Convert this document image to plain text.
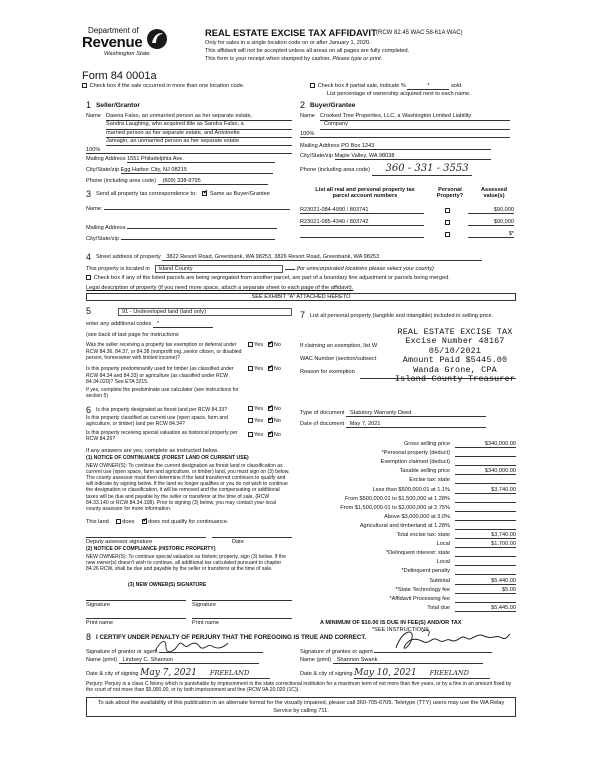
Department of
Revenue
Washington State
Form 84 0001a
REAL ESTATE EXCISE TAX AFFIDAVIT (RCW 82.45 WAC 58-61A WAC)
Only for sales in a single location code on or after January 1, 2020.
This affidavit will not be accepted unless all areas on all pages are fully completed.
This form is your receipt when stamped by cashier. Please type or print.
Check box if the sale occurred in more than one location code.	Check box if partial sale, indicate %	*	sold.
List percentage of ownership acquired next to each name.
1 Seller/Grantor
Name Dawna Falso, an unmarried person as her separate estate,
Sandra Laughing, who acquired title as Sandra Falso, a
married person as her separate estate, and Antoinette
Jamagin, an unmarried person as her separate estate
100%
Mailing Address 1551 Philadelphia Ave.
City/State/zip Egg Harbor City, NJ 08215
Phone (including area code) (609) 338-9795
2 Buyer/Grantee
Name Crooked Tree Properties, LLC, a Washington Limited Liability
Company
100%
Mailing Address PO Box 1243
City/State/zip Maple Valley, WA 98038
Phone (including area code) 360 - 331 - 3553
3 Send all property tax correspondence to: ✓ Same as Buyer/Grantee
Name:
Mailing Address
City/State/zip
List all real and personal property tax
parcel account numbers
Personal
Property?
Assessed
value(s)
R23021-084-4990 / 803741	$90,000
R23021-085-4340 / 803742	$90,000
$*
4 Street address of property 3822 Resort Road, Greenbank, WA 98253, 3826 Resort Road, Greenbank, WA 98253
This property is located in Island County	(for unincorporated locations please select your county)
Check box if any of the listed parcels are being segregated from another parcel, are part of a boundary line adjustment or parcels being merged.
Legal description of property (if you need more space, attach a separate sheet to each page of the affidavit).
SEE EXHIBIT "A" ATTACHED HERETO
5	91 - Undeveloped land (land only)
enter any additional codes *
(see back of last page for instructions
Was the seller receiving a property tax exemption or deferral under RCW 84.36, 84.37, or 84.38 (nonprofit org.,senior citizen, or disabled person, homeowner with limited income)?
Yes ✓ No
Is this property predominantly used for timber (as classified under RCW 84.34 and 84.33) or agriculture (as classified under RCW 84.34.020)? See ETA 3215.
Yes ✓ No
If yes, complete the predominate use calculator (see instructions for section 5)
6 Is this property designated as forest land per RCW 84.33?	Yes ✓ No
Is this property classified as current use (open space, farm and agriculture, or timber) land per RCW 84.34?	Yes ✓ No
Is this property receiving special valuation as historical property per RCW 84.26?
Yes ✓ No
If any answers are yes, complete as instructed below.
(1) NOTICE OF CONTINUANCE (FOREST LAND OR CURRENT USE)
NEW OWNER(S): To continue the current designation as forest land or classification as current use (open space, farm and agriculture, or timber) land, you must sign on (3) below. The county assessor must then determine if the land transferred continues to qualify and will indicate by signing below. If the land no longer qualifies or you do not wish to continue the designation or classification, it will be removed and the compensating or additional taxes will be due and payable by the seller or transferor at the time of sale. (RCW 84.33.140 or RCW 84.34.108). Prior to signing (3) below, you may contact your local county assessor for more information.
This land does ✓ does not qualify for continuance.
Deputy assessor signature	Date
(2) NOTICE OF COMPLIANCE (HISTORIC PROPERTY)
NEW OWNER(S): To continue special valuation as historic property, sign (3) below. If the new owner(s) doesn't wish to continue, all additional tax calculated pursuant to chapter 84.26 RCW, shall be due and payable by the seller or transferor at the time of sale.
(3) NEW OWNER(S) SIGNATURE
Signature	Signature
Print name	Print name
7 List all personal property (tangible and intangible) included in selling price.
If claiming an exemption, list W
WAC Number (section/subsect
Reason for exemption
REAL ESTATE EXCISE TAX
Excise Number 48167
05/10/2021
Amount Paid $5445.00
Wanda Grone, CPA
Island County Treasurer
Type of document Statutory Warranty Deed
Date of document May 7, 2021
Gross selling price	$340,000.00
*Personal property (deduct)
Exemption claimed (deduct)
Taxable selling price	$340,000.00
Excise tax: state
Less than $500,000.01 at 1.1%	$3,740.00
From $500,000.01 to $1,500,000 at 1.28%
From $1,500,000.01 to $3,000,000 at 2.75%
Above $3,000,000 at 3.0%
Agricultural and timberland at 1.28%
Total excise tax: state	$3,740.00
Local	$1,700.00
*Delinquent interest: state
Local
*Delinquent penalty
Subtotal	$5,440.00
*State Technology fee	$5.00
*Affidavit Processing fee
Total due	$5,445.00
A MINIMUM OF $10.00 IS DUE IN FEE(S) AND/OR TAX
*SEE INSTRUCTIONS
8 I CERTIFY UNDER PENALTY OF PERJURY THAT THE FOREGOING IS TRUE AND CORRECT.
Signature of grantor or agent	Signature of grantee or agent
Name (print) Lindsey C. Shannon	Name (print) Shannon Swank
Date & city of signing May 7, 2021 FREELAND	Date & city of signing May 10, 2021 FREELAND
Perjury: Perjury is a class C felony which is punishable by imprisonment in the state correctional institution for a maximum term of not more than five years, or by a fine in an amount fixed by the court of not more than $5,000.00, or by both imprisonment and fine (RCW 9A.20.020 (1C)).
To ask about the availability of this publication in an alternate format for the visually impaired, please call 360-705-6705. Teletype (TTY) users may use the WA Relay Service by calling 711.
